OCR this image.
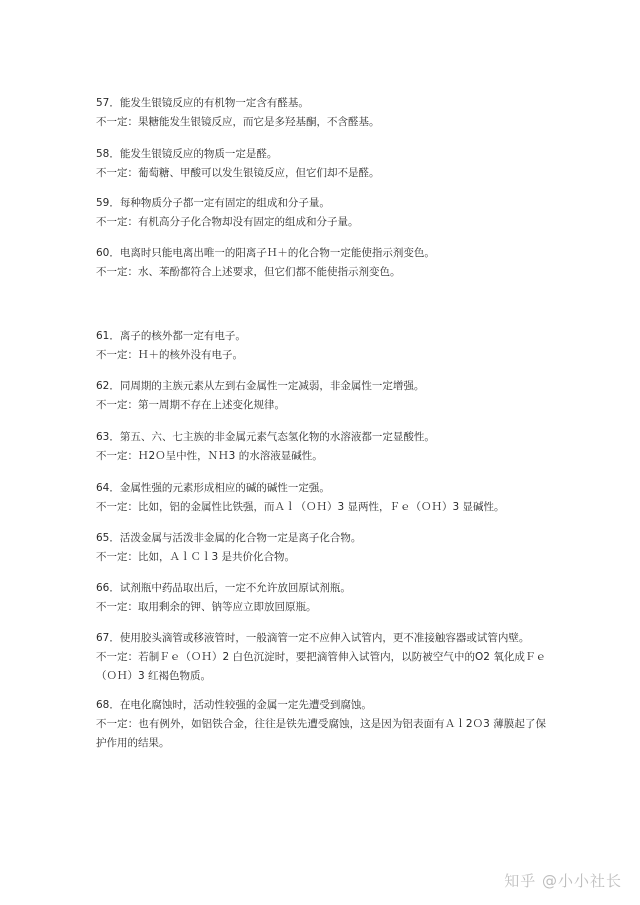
57．能发生银镜反应的有机物一定含有醛基。
不一定：果糖能发生银镜反应，而它是多羟基酮，不含醛基。
58．能发生银镜反应的物质一定是醛。
不一定：葡萄糖、甲酸可以发生银镜反应，但它们却不是醛。
59．每种物质分子都一定有固定的组成和分子量。
不一定：有机高分子化合物却没有固定的组成和分子量。
60．电离时只能电离出唯一的阳离子Ｈ＋的化合物一定能使指示剂变色。
不一定：水、苯酚都符合上述要求，但它们都不能使指示剂变色。
61．离子的核外都一定有电子。
不一定：Ｈ＋的核外没有电子。
62．同周期的主族元素从左到右金属性一定减弱，非金属性一定增强。
不一定：第一周期不存在上述变化规律。
63．第五、六、七主族的非金属元素气态氢化物的水溶液都一定显酸性。
不一定：Ｈ2Ｏ呈中性，ＮＨ3 的水溶液显碱性。
64．金属性强的元素形成相应的碱的碱性一定强。
不一定：比如，铝的金属性比铁强，而Ａｌ（ＯＨ）3 显两性，Ｆｅ（ＯＨ）3 显碱性。
65．活泼金属与活泼非金属的化合物一定是离子化合物。
不一定：比如，ＡｌＣｌ3 是共价化合物。
66．试剂瓶中药品取出后，一定不允许放回原试剂瓶。
不一定：取用剩余的钾、钠等应立即放回原瓶。
67．使用胶头滴管或移液管时，一般滴管一定不应伸入试管内，更不准接触容器或试管内壁。
不一定：若制Ｆｅ（ＯＨ）2 白色沉淀时，要把滴管伸入试管内，以防被空气中的O2 氧化成Ｆｅ（ＯＨ）3 红褐色物质。
68．在电化腐蚀时，活动性较强的金属一定先遭受到腐蚀。
不一定：也有例外，如铝铁合金，往往是铁先遭受腐蚀，这是因为铝表面有Ａｌ2Ｏ3 薄膜起了保护作用的结果。
知乎 @小小社长
